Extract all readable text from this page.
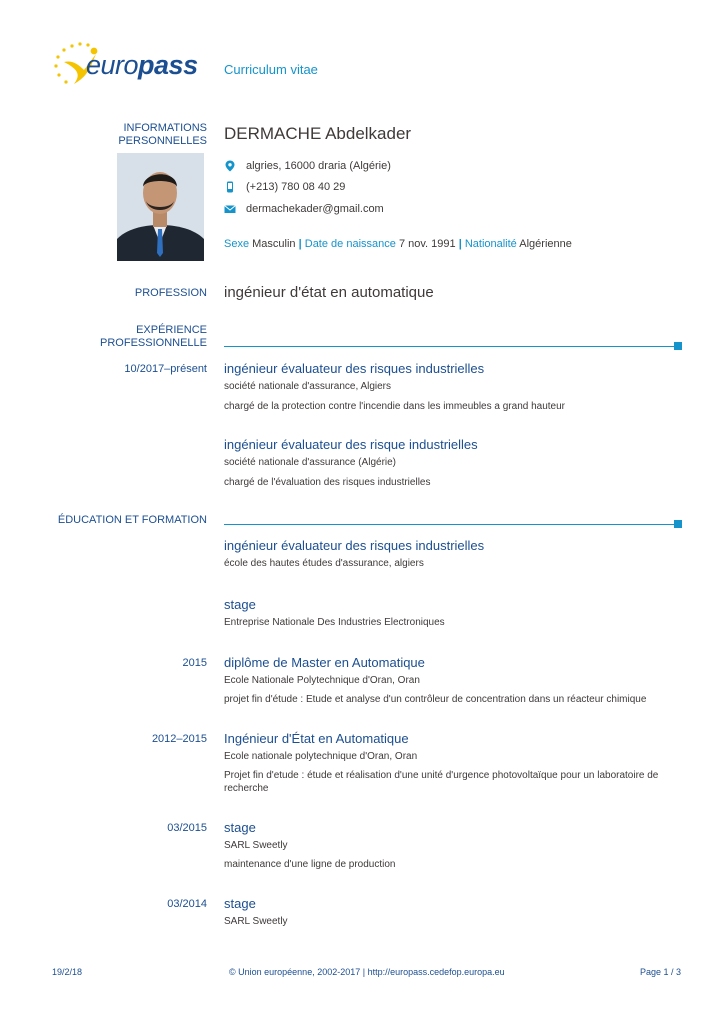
europass Curriculum vitae
INFORMATIONS
PERSONNELLES DERMACHE Abdelkader
algries, 16000 draria (Algérie)
(+213) 780 08 40 29
dermachekader@gmail.com
Sexe Masculin | Date de naissance 7 nov. 1991 | Nationalité Algérienne
PROFESSION ingénieur d'état en automatique
EXPÉRIENCE
PROFESSIONNELLE
10/2017–présent ingénieur évaluateur des risques industrielles
société nationale d'assurance, Algiers
chargé de la protection contre l'incendie dans les immeubles a grand hauteur
ingénieur évaluateur des risque industrielles
société nationale d'assurance (Algérie)
chargé de l'évaluation des risques industrielles
ÉDUCATION ET FORMATION
ingénieur évaluateur des risques industrielles
école des hautes études d'assurance, algiers
stage
Entreprise Nationale Des Industries Electroniques
2015 diplôme de Master en Automatique
Ecole Nationale Polytechnique d'Oran, Oran
projet fin d'étude : Etude et analyse d'un contrôleur de concentration dans un réacteur chimique
2012–2015 Ingénieur d'État en Automatique
Ecole nationale polytechnique d'Oran, Oran
Projet fin d'etude : étude et réalisation d'une unité d'urgence photovoltaïque pour un laboratoire de recherche
03/2015 stage
SARL Sweetly
maintenance d'une ligne de production
03/2014 stage
SARL Sweetly
19/2/18	© Union européenne, 2002-2017 | http://europass.cedefop.europa.eu	Page 1 / 3
